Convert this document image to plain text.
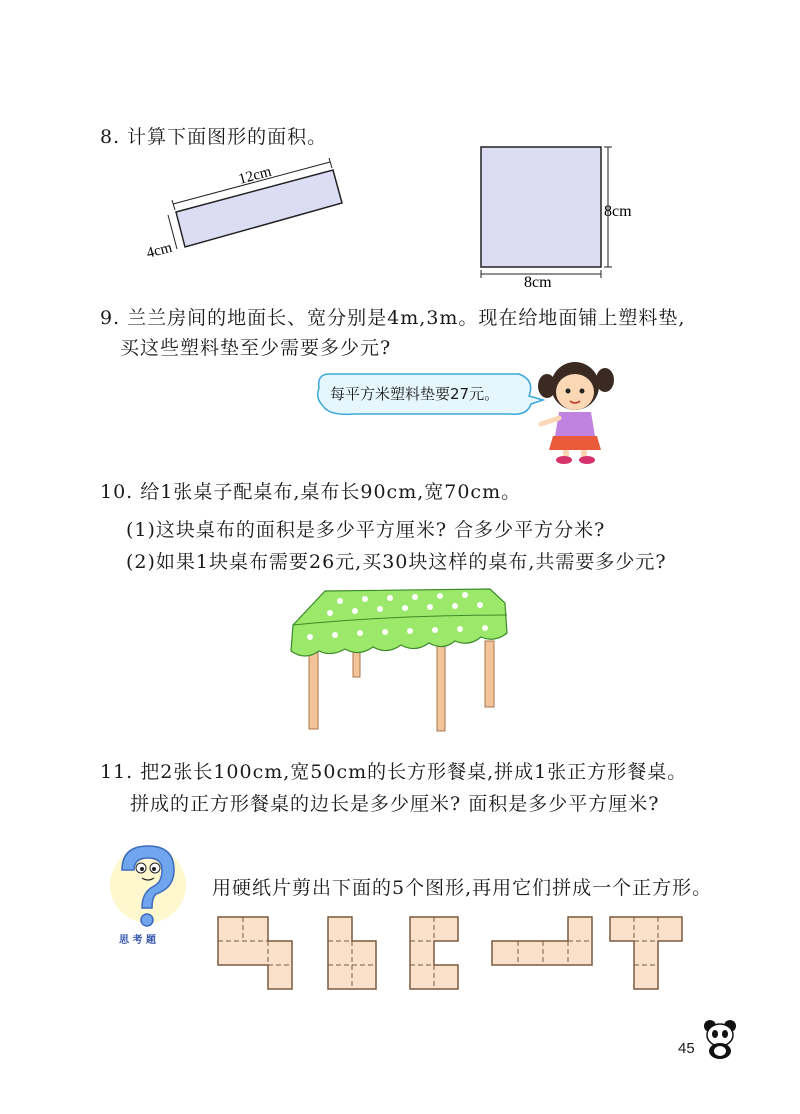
8. 计算下面图形的面积。
12cm
4cm
8cm
8cm
9. 兰兰房间的地面长、宽分别是4m,3m。现在给地面铺上塑料垫,
买这些塑料垫至少需要多少元?
每平方米塑料垫要27元。
10. 给1张桌子配桌布,桌布长90cm,宽70cm。
(1)这块桌布的面积是多少平方厘米? 合多少平方分米?
(2)如果1块桌布需要26元,买30块这样的桌布,共需要多少元?
11. 把2张长100cm,宽50cm的长方形餐桌,拼成1张正方形餐桌。
拼成的正方形餐桌的边长是多少厘米? 面积是多少平方厘米?
思 考 题
用硬纸片剪出下面的5个图形,再用它们拼成一个正方形。
45
